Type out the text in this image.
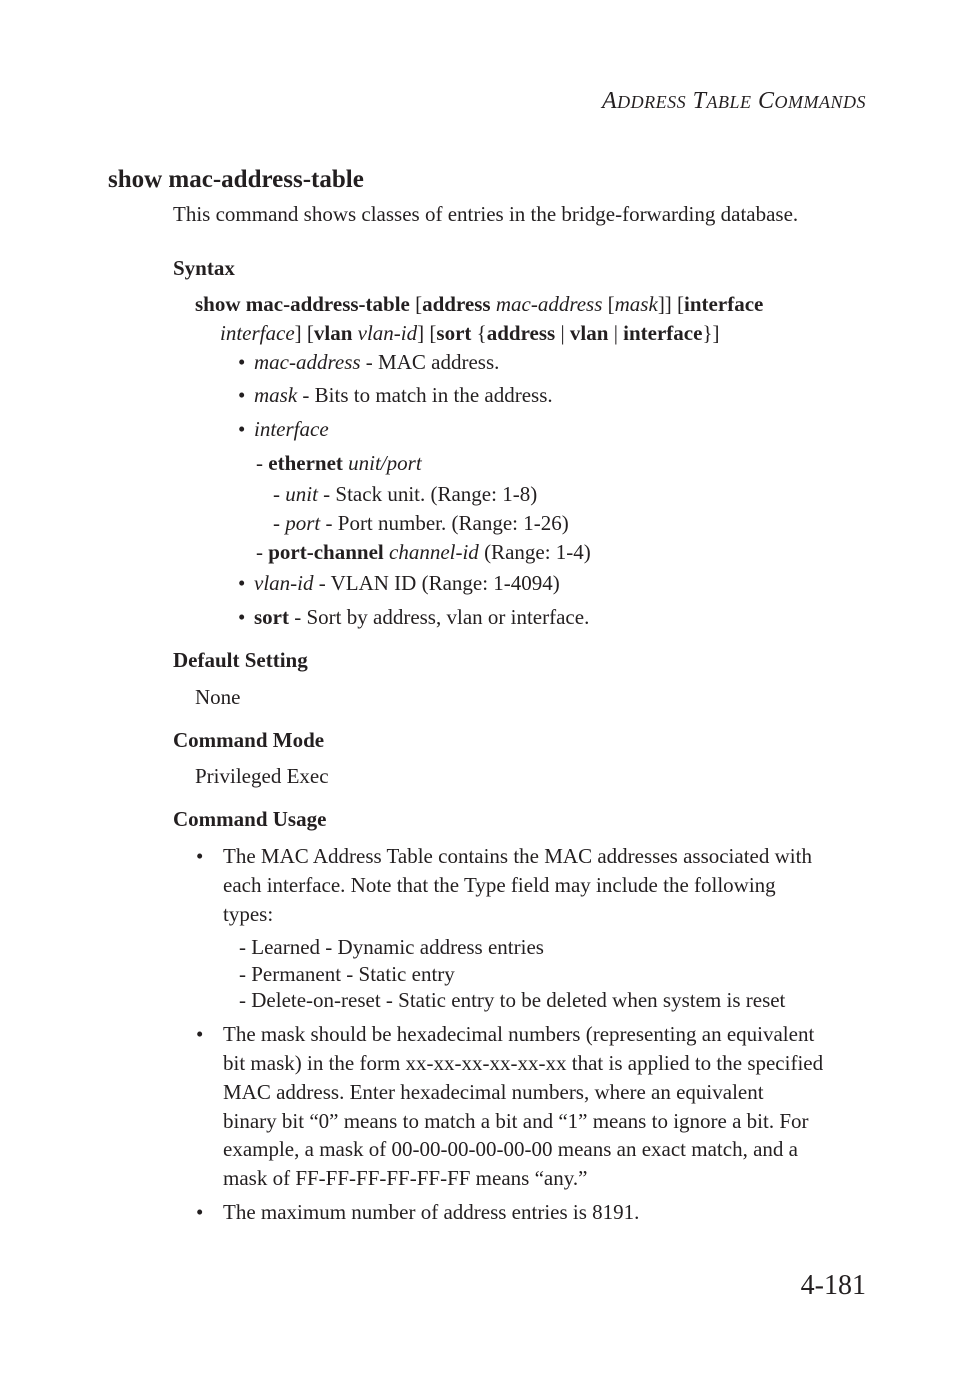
ADDRESS TABLE COMMANDS
show mac-address-table
This command shows classes of entries in the bridge-forwarding database.
Syntax
show mac-address-table [address mac-address [mask]] [interface
interface] [vlan vlan-id] [sort {address | vlan | interface}]
• mac-address - MAC address.
• mask - Bits to match in the address.
• interface
- ethernet unit/port
- unit - Stack unit. (Range: 1-8)
- port - Port number. (Range: 1-26)
- port-channel channel-id (Range: 1-4)
• vlan-id - VLAN ID (Range: 1-4094)
• sort - Sort by address, vlan or interface.
Default Setting
None
Command Mode
Privileged Exec
Command Usage
• The MAC Address Table contains the MAC addresses associated with
each interface. Note that the Type field may include the following
types:
- Learned - Dynamic address entries
- Permanent - Static entry
- Delete-on-reset - Static entry to be deleted when system is reset
• The mask should be hexadecimal numbers (representing an equivalent
bit mask) in the form xx-xx-xx-xx-xx-xx that is applied to the specified
MAC address. Enter hexadecimal numbers, where an equivalent
binary bit “0” means to match a bit and “1” means to ignore a bit. For
example, a mask of 00-00-00-00-00-00 means an exact match, and a
mask of FF-FF-FF-FF-FF-FF means “any.”
• The maximum number of address entries is 8191.
4-181
